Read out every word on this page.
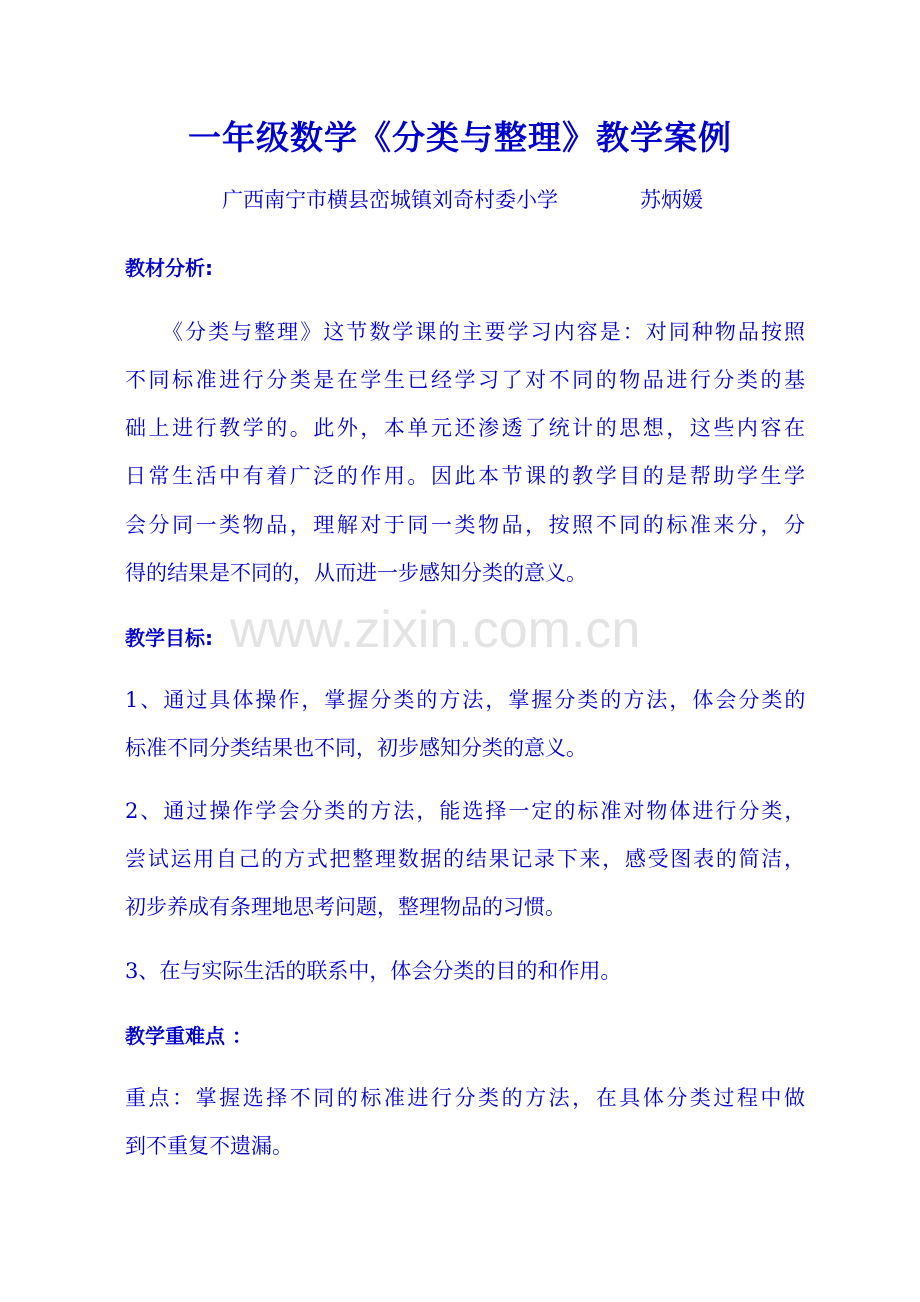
一年级数学《分类与整理》教学案例
广西南宁市横县峦城镇刘奇村委小学	苏炳媛
教材分析:
《分类与整理》这节数学课的主要学习内容是：对同种物品按照
不同标准进行分类是在学生已经学习了对不同的物品进行分类的基
础上进行教学的。此外，本单元还渗透了统计的思想，这些内容在
日常生活中有着广泛的作用。因此本节课的教学目的是帮助学生学
会分同一类物品，理解对于同一类物品，按照不同的标准来分，分
得的结果是不同的，从而进一步感知分类的意义。
教学目标: www.zixin.com.cn
1、通过具体操作，掌握分类的方法，掌握分类的方法，体会分类的
标准不同分类结果也不同，初步感知分类的意义。
2、通过操作学会分类的方法，能选择一定的标准对物体进行分类，
尝试运用自己的方式把整理数据的结果记录下来，感受图表的简洁，
初步养成有条理地思考问题，整理物品的习惯。
3、在与实际生活的联系中，体会分类的目的和作用。
教学重难点 ：
重点：掌握选择不同的标准进行分类的方法，在具体分类过程中做
到不重复不遗漏。
